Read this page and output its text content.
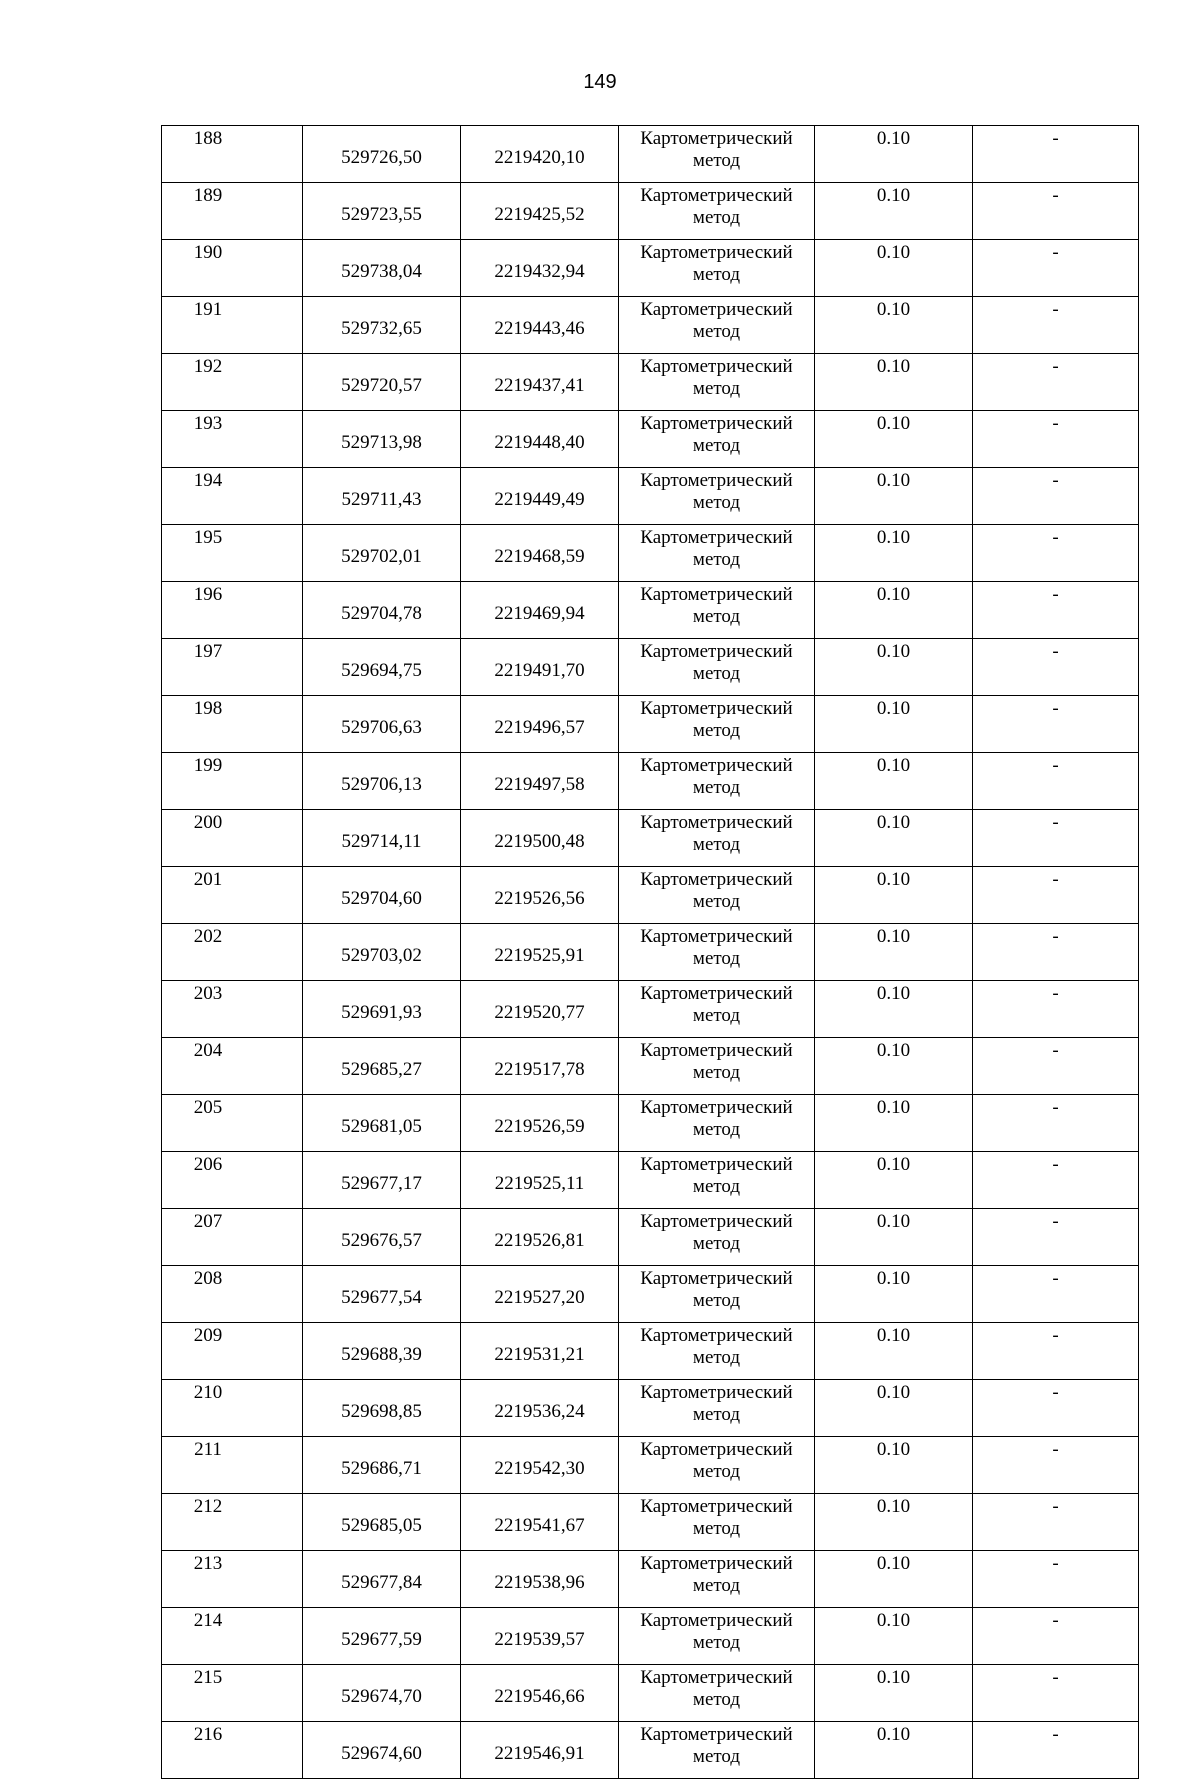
149
188	529726,50	2219420,10	Картометрический метод	0.10	-
189	529723,55	2219425,52	Картометрический метод	0.10	-
190	529738,04	2219432,94	Картометрический метод	0.10	-
191	529732,65	2219443,46	Картометрический метод	0.10	-
192	529720,57	2219437,41	Картометрический метод	0.10	-
193	529713,98	2219448,40	Картометрический метод	0.10	-
194	529711,43	2219449,49	Картометрический метод	0.10	-
195	529702,01	2219468,59	Картометрический метод	0.10	-
196	529704,78	2219469,94	Картометрический метод	0.10	-
197	529694,75	2219491,70	Картометрический метод	0.10	-
198	529706,63	2219496,57	Картометрический метод	0.10	-
199	529706,13	2219497,58	Картометрический метод	0.10	-
200	529714,11	2219500,48	Картометрический метод	0.10	-
201	529704,60	2219526,56	Картометрический метод	0.10	-
202	529703,02	2219525,91	Картометрический метод	0.10	-
203	529691,93	2219520,77	Картометрический метод	0.10	-
204	529685,27	2219517,78	Картометрический метод	0.10	-
205	529681,05	2219526,59	Картометрический метод	0.10	-
206	529677,17	2219525,11	Картометрический метод	0.10	-
207	529676,57	2219526,81	Картометрический метод	0.10	-
208	529677,54	2219527,20	Картометрический метод	0.10	-
209	529688,39	2219531,21	Картометрический метод	0.10	-
210	529698,85	2219536,24	Картометрический метод	0.10	-
211	529686,71	2219542,30	Картометрический метод	0.10	-
212	529685,05	2219541,67	Картометрический метод	0.10	-
213	529677,84	2219538,96	Картометрический метод	0.10	-
214	529677,59	2219539,57	Картометрический метод	0.10	-
215	529674,70	2219546,66	Картометрический метод	0.10	-
216	529674,60	2219546,91	Картометрический метод	0.10	-
